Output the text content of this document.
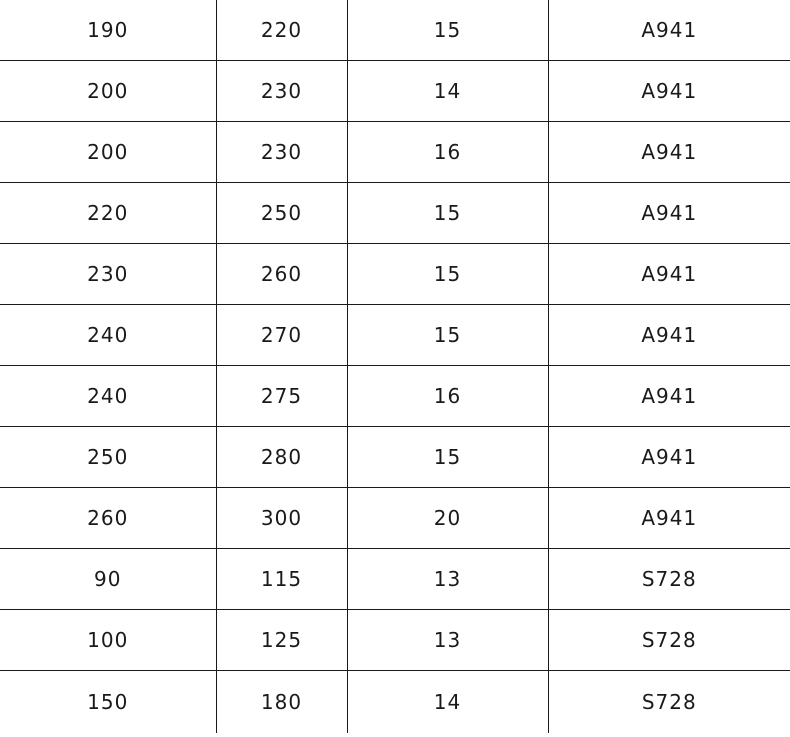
190	220	15	A941
200	230	14	A941
200	230	16	A941
220	250	15	A941
230	260	15	A941
240	270	15	A941
240	275	16	A941
250	280	15	A941
260	300	20	A941
90	115	13	S728
100	125	13	S728
150	180	14	S728
